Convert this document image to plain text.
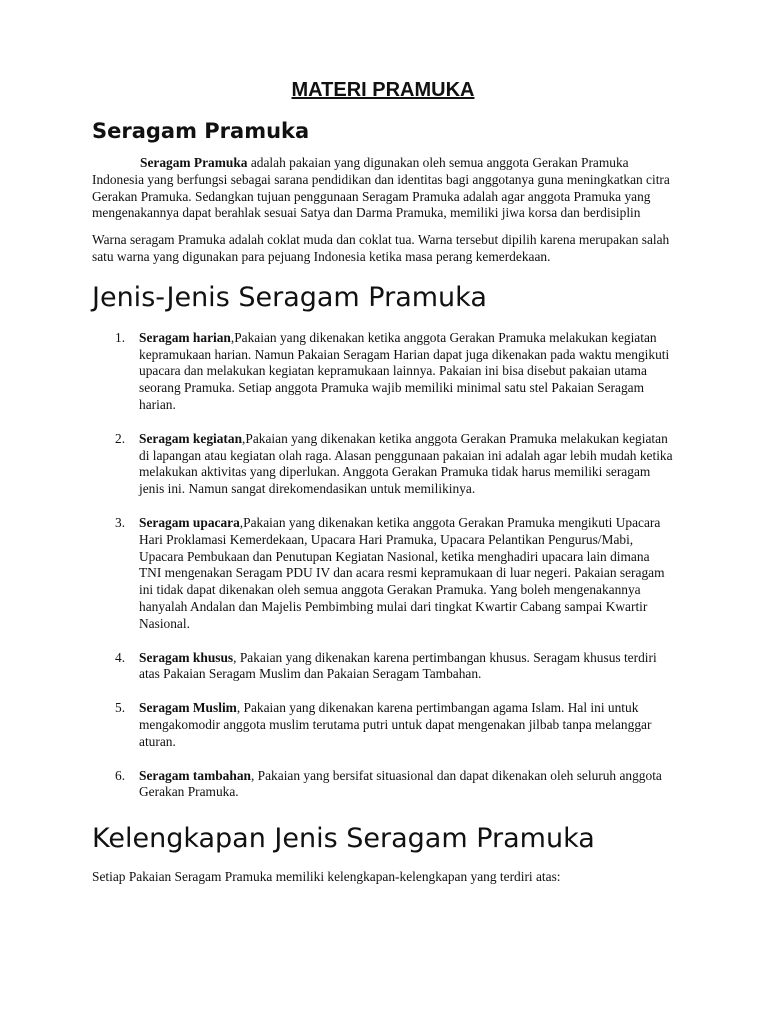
MATERI PRAMUKA
Seragam Pramuka

Seragam Pramuka adalah pakaian yang digunakan oleh semua anggota Gerakan Pramuka Indonesia yang berfungsi sebagai sarana pendidikan dan identitas bagi anggotanya guna meningkatkan citra Gerakan Pramuka. Sedangkan tujuan penggunaan Seragam Pramuka adalah agar anggota Pramuka yang mengenakannya dapat berahlak sesuai Satya dan Darma Pramuka, memiliki jiwa korsa dan berdisiplin

Warna seragam Pramuka adalah coklat muda dan coklat tua. Warna tersebut dipilih karena merupakan salah satu warna yang digunakan para pejuang Indonesia ketika masa perang kemerdekaan.

Jenis-Jenis Seragam Pramuka
1. Seragam harian,Pakaian yang dikenakan ketika anggota Gerakan Pramuka melakukan kegiatan kepramukaan harian. Namun Pakaian Seragam Harian dapat juga dikenakan pada waktu mengikuti upacara dan melakukan kegiatan kepramukaan lainnya. Pakaian ini bisa disebut pakaian utama seorang Pramuka. Setiap anggota Pramuka wajib memiliki minimal satu stel Pakaian Seragam harian.
2. Seragam kegiatan,Pakaian yang dikenakan ketika anggota Gerakan Pramuka melakukan kegiatan di lapangan atau kegiatan olah raga. Alasan penggunaan pakaian ini adalah agar lebih mudah ketika melakukan aktivitas yang diperlukan. Anggota Gerakan Pramuka tidak harus memiliki seragam jenis ini. Namun sangat direkomendasikan untuk memilikinya.
3. Seragam upacara,Pakaian yang dikenakan ketika anggota Gerakan Pramuka mengikuti Upacara Hari Proklamasi Kemerdekaan, Upacara Hari Pramuka, Upacara Pelantikan Pengurus/Mabi, Upacara Pembukaan dan Penutupan Kegiatan Nasional, ketika menghadiri upacara lain dimana TNI mengenakan Seragam PDU IV dan acara resmi kepramukaan di luar negeri. Pakaian seragam ini tidak dapat dikenakan oleh semua anggota Gerakan Pramuka. Yang boleh mengenakannya hanyalah Andalan dan Majelis Pembimbing mulai dari tingkat Kwartir Cabang sampai Kwartir Nasional.
4. Seragam khusus, Pakaian yang dikenakan karena pertimbangan khusus. Seragam khusus terdiri atas Pakaian Seragam Muslim dan Pakaian Seragam Tambahan.
5. Seragam Muslim, Pakaian yang dikenakan karena pertimbangan agama Islam. Hal ini untuk mengakomodir anggota muslim terutama putri untuk dapat mengenakan jilbab tanpa melanggar aturan.
6. Seragam tambahan, Pakaian yang bersifat situasional dan dapat dikenakan oleh seluruh anggota Gerakan Pramuka.
Kelengkapan Jenis Seragam Pramuka

Setiap Pakaian Seragam Pramuka memiliki kelengkapan-kelengkapan yang terdiri atas:
